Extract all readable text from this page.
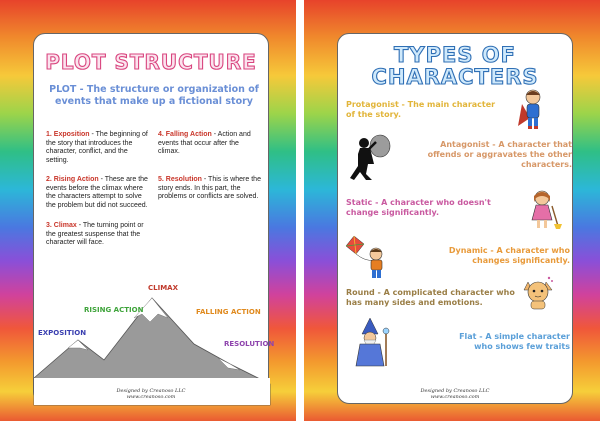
PLOT STRUCTURE
PLOT - The structure or organization of events that make up a fictional story
1. Exposition - The beginning of the story that introduces the character, conflict, and the setting.
2. Rising Action - These are the events before the climax where the characters attempt to solve the problem but did not succeed.
3. Climax - The turning point or the greatest suspense that the character will face.
4. Falling Action - Action and events that occur after the climax.
5. Resolution - This is where the story ends. In this part, the problems or conflicts are solved.
EXPOSITION
RISING ACTION
CLIMAX
FALLING ACTION
RESOLUTION
Designed by Creanoso LLC
www.creanoso.com
TYPES OF
CHARACTERS
Protagonist - The main character of the story.
Antagonist - A character that offends or aggravates the other characters.
Static - A character who doesn't change significantly.
Dynamic - A character who changes significantly.
Round - A complicated character who has many sides and emotions.
Flat - A simple character who shows few traits
Designed by Creanoso LLC
www.creanoso.com
